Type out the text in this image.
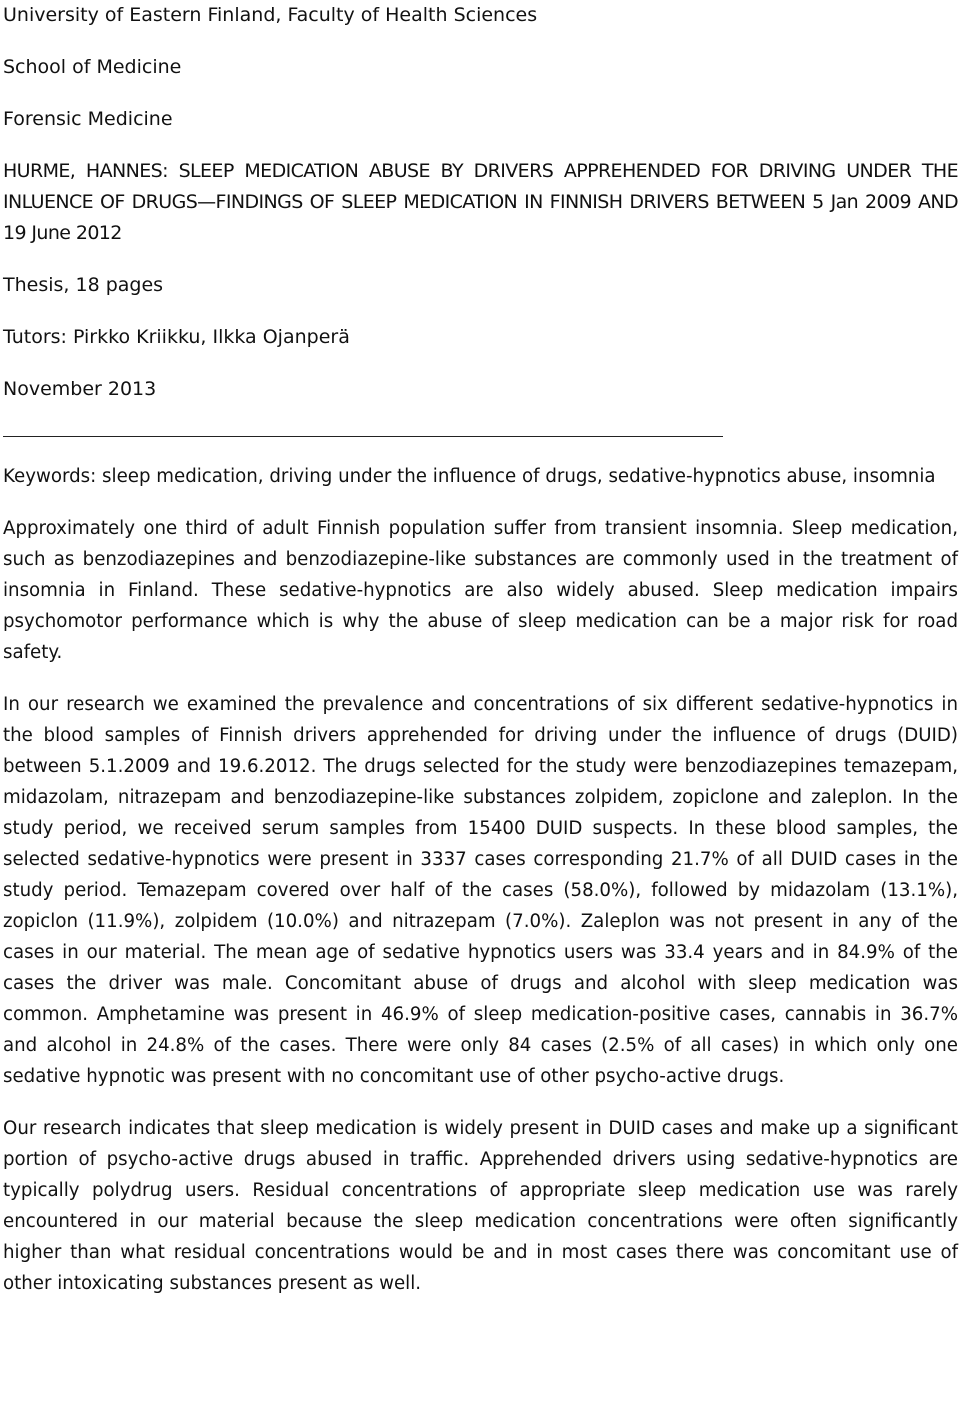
University of Eastern Finland, Faculty of Health Sciences
School of Medicine
Forensic Medicine

HURME, HANNES: SLEEP MEDICATION ABUSE BY DRIVERS APPREHENDED FOR DRIVING UNDER THE INLUENCE OF DRUGS—FINDINGS OF SLEEP MEDICATION IN FINNISH DRIVERS BETWEEN 5 Jan 2009 AND 19 June 2012

Thesis, 18 pages
Tutors: Pirkko Kriikku, Ilkka Ojanperä
November 2013

Keywords: sleep medication, driving under the influence of drugs, sedative-hypnotics abuse, insomnia

Approximately one third of adult Finnish population suffer from transient insomnia. Sleep medication, such as benzodiazepines and benzodiazepine-like substances are commonly used in the treatment of insomnia in Finland. These sedative-hypnotics are also widely abused. Sleep medication impairs psychomotor performance which is why the abuse of sleep medication can be a major risk for road safety.

In our research we examined the prevalence and concentrations of six different sedative-hypnotics in the blood samples of Finnish drivers apprehended for driving under the influence of drugs (DUID) between 5.1.2009 and 19.6.2012. The drugs selected for the study were benzodiazepines temazepam, midazolam, nitrazepam and benzodiazepine-like substances zolpidem, zopiclone and zaleplon. In the study period, we received serum samples from 15400 DUID suspects. In these blood samples, the selected sedative-hypnotics were present in 3337 cases corresponding 21.7% of all DUID cases in the study period. Temazepam covered over half of the cases (58.0%), followed by midazolam (13.1%), zopiclon (11.9%), zolpidem (10.0%) and nitrazepam (7.0%). Zaleplon was not present in any of the cases in our material. The mean age of sedative hypnotics users was 33.4 years and in 84.9% of the cases the driver was male. Concomitant abuse of drugs and alcohol with sleep medication was common. Amphetamine was present in 46.9% of sleep medication-positive cases, cannabis in 36.7% and alcohol in 24.8% of the cases. There were only 84 cases (2.5% of all cases) in which only one sedative hypnotic was present with no concomitant use of other psycho-active drugs.

Our research indicates that sleep medication is widely present in DUID cases and make up a significant portion of psycho-active drugs abused in traffic. Apprehended drivers using sedative-hypnotics are typically polydrug users. Residual concentrations of appropriate sleep medication use was rarely encountered in our material because the sleep medication concentrations were often significantly higher than what residual concentrations would be and in most cases there was concomitant use of other intoxicating substances present as well.
